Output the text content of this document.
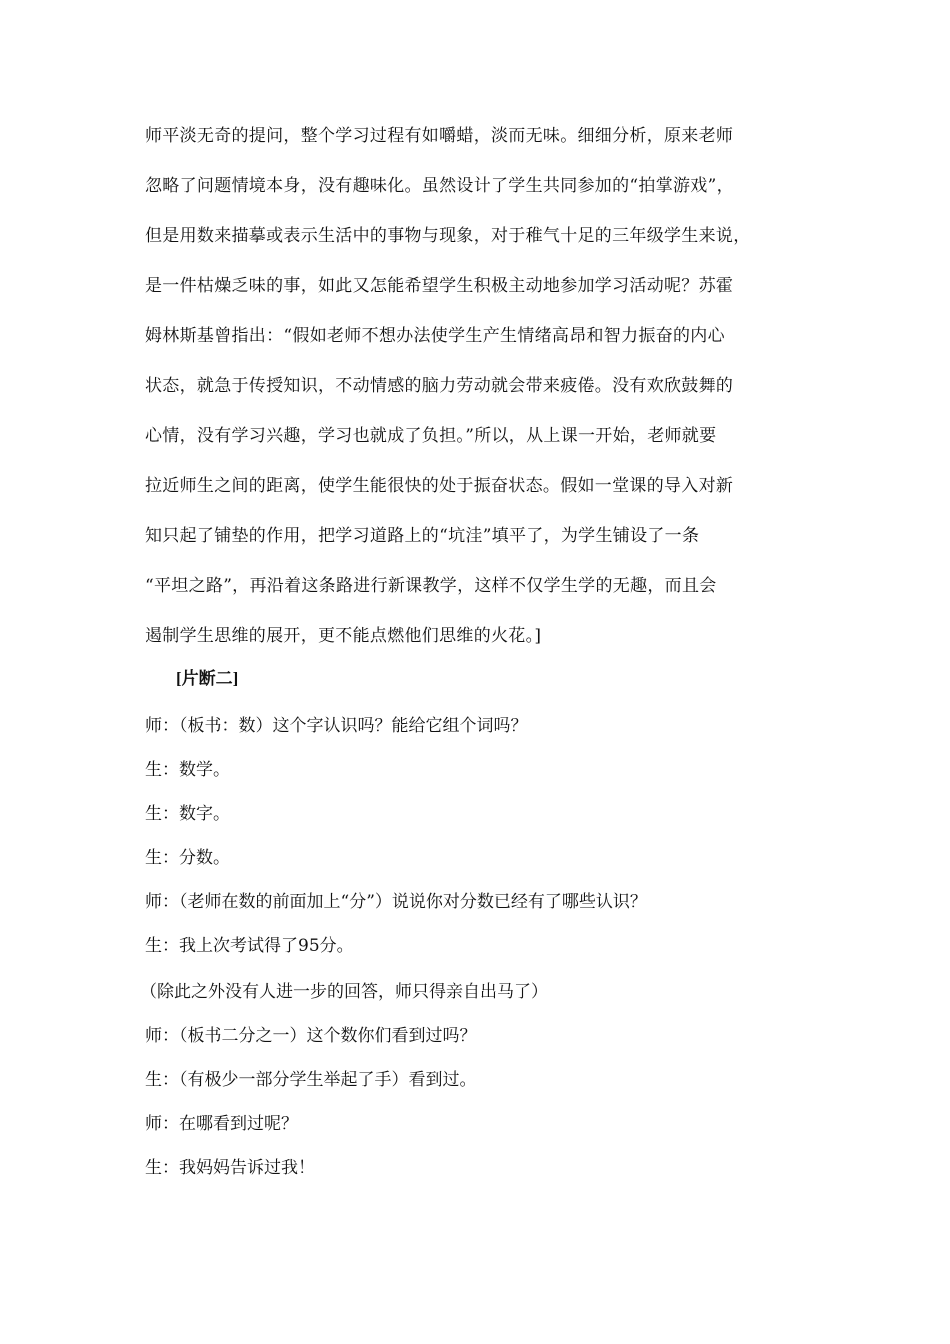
师平淡无奇的提问，整个学习过程有如嚼蜡，淡而无味。细细分析，原来老师
忽略了问题情境本身，没有趣味化。虽然设计了学生共同参加的“拍掌游戏”，
但是用数来描摹或表示生活中的事物与现象，对于稚气十足的三年级学生来说，
是一件枯燥乏味的事，如此又怎能希望学生积极主动地参加学习活动呢？苏霍
姆林斯基曾指出：“假如老师不想办法使学生产生情绪高昂和智力振奋的内心
状态，就急于传授知识，不动情感的脑力劳动就会带来疲倦。没有欢欣鼓舞的
心情，没有学习兴趣，学习也就成了负担。”所以，从上课一开始，老师就要
拉近师生之间的距离，使学生能很快的处于振奋状态。假如一堂课的导入对新
知只起了铺垫的作用，把学习道路上的“坑洼”填平了，为学生铺设了一条
“平坦之路”，再沿着这条路进行新课教学，这样不仅学生学的无趣，而且会
遏制学生思维的展开，更不能点燃他们思维的火花。]
[片断二]
师：（板书：数）这个字认识吗？能给它组个词吗？
生：数学。
生：数字。
生：分数。
师：（老师在数的前面加上“分”）说说你对分数已经有了哪些认识？
生：我上次考试得了95分。
（除此之外没有人进一步的回答，师只得亲自出马了）
师：（板书二分之一）这个数你们看到过吗？
生：（有极少一部分学生举起了手）看到过。
师：在哪看到过呢？
生：我妈妈告诉过我！
